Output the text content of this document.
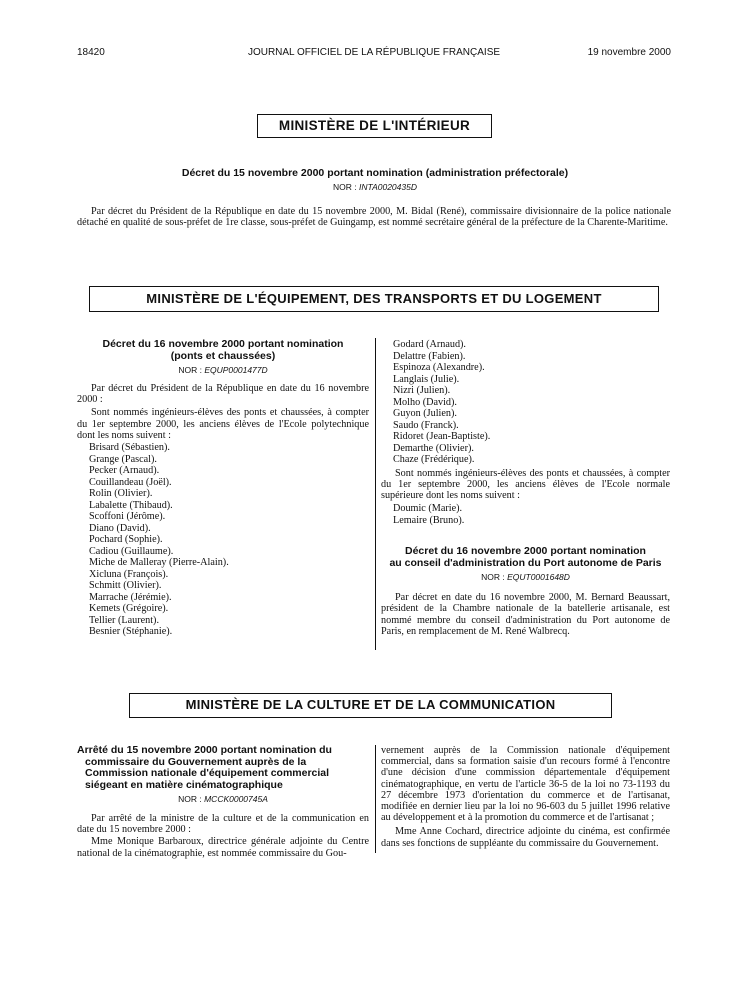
18420	JOURNAL OFFICIEL DE LA RÉPUBLIQUE FRANÇAISE	19 novembre 2000
MINISTÈRE DE L'INTÉRIEUR
Décret du 15 novembre 2000 portant nomination (administration préfectorale)
NOR : INTA0020435D
Par décret du Président de la République en date du 15 novembre 2000, M. Bidal (René), commissaire divisionnaire de la police nationale détaché en qualité de sous-préfet de 1re classe, sous-préfet de Guingamp, est nommé secrétaire général de la préfecture de la Charente-Maritime.
MINISTÈRE DE L'ÉQUIPEMENT, DES TRANSPORTS ET DU LOGEMENT
Décret du 16 novembre 2000 portant nomination
(ponts et chaussées)
NOR : EQUP0001477D
Par décret du Président de la République en date du 16 novembre 2000 :
Sont nommés ingénieurs-élèves des ponts et chaussées, à compter du 1er septembre 2000, les anciens élèves de l'Ecole polytechnique dont les noms suivent :
Brisard (Sébastien).
Grange (Pascal).
Pecker (Arnaud).
Couillandeau (Joël).
Rolin (Olivier).
Labalette (Thibaud).
Scoffoni (Jérôme).
Diano (David).
Pochard (Sophie).
Cadiou (Guillaume).
Miche de Malleray (Pierre-Alain).
Xicluna (François).
Schmitt (Olivier).
Marrache (Jérémie).
Kemets (Grégoire).
Tellier (Laurent).
Besnier (Stéphanie).
Godard (Arnaud).
Delattre (Fabien).
Espinoza (Alexandre).
Langlais (Julie).
Nizri (Julien).
Molho (David).
Guyon (Julien).
Saudo (Franck).
Ridoret (Jean-Baptiste).
Demarthe (Olivier).
Chaze (Frédérique).
Sont nommés ingénieurs-élèves des ponts et chaussées, à compter du 1er septembre 2000, les anciens élèves de l'Ecole normale supérieure dont les noms suivent :
Doumic (Marie).
Lemaire (Bruno).
Décret du 16 novembre 2000 portant nomination
au conseil d'administration du Port autonome de Paris
NOR : EQUT0001648D
Par décret en date du 16 novembre 2000, M. Bernard Beaussart, président de la Chambre nationale de la batellerie artisanale, est nommé membre du conseil d'administration du Port autonome de Paris, en remplacement de M. René Walbrecq.
MINISTÈRE DE LA CULTURE ET DE LA COMMUNICATION
Arrêté du 15 novembre 2000 portant nomination du commissaire du Gouvernement auprès de la Commission nationale d'équipement commercial siégeant en matière cinématographique
NOR : MCCK0000745A
Par arrêté de la ministre de la culture et de la communication en date du 15 novembre 2000 :
Mme Monique Barbaroux, directrice générale adjointe du Centre national de la cinématographie, est nommée commissaire du Gou-
vernement auprès de la Commission nationale d'équipement commercial, dans sa formation saisie d'un recours formé à l'encontre d'une décision d'une commission départementale d'équipement cinématographique, en vertu de l'article 36-5 de la loi no 73-1193 du 27 décembre 1973 d'orientation du commerce et de l'artisanat, modifiée en dernier lieu par la loi no 96-603 du 5 juillet 1996 relative au développement et à la promotion du commerce et de l'artisanat ;
Mme Anne Cochard, directrice adjointe du cinéma, est confirmée dans ses fonctions de suppléante du commissaire du Gouvernement.
